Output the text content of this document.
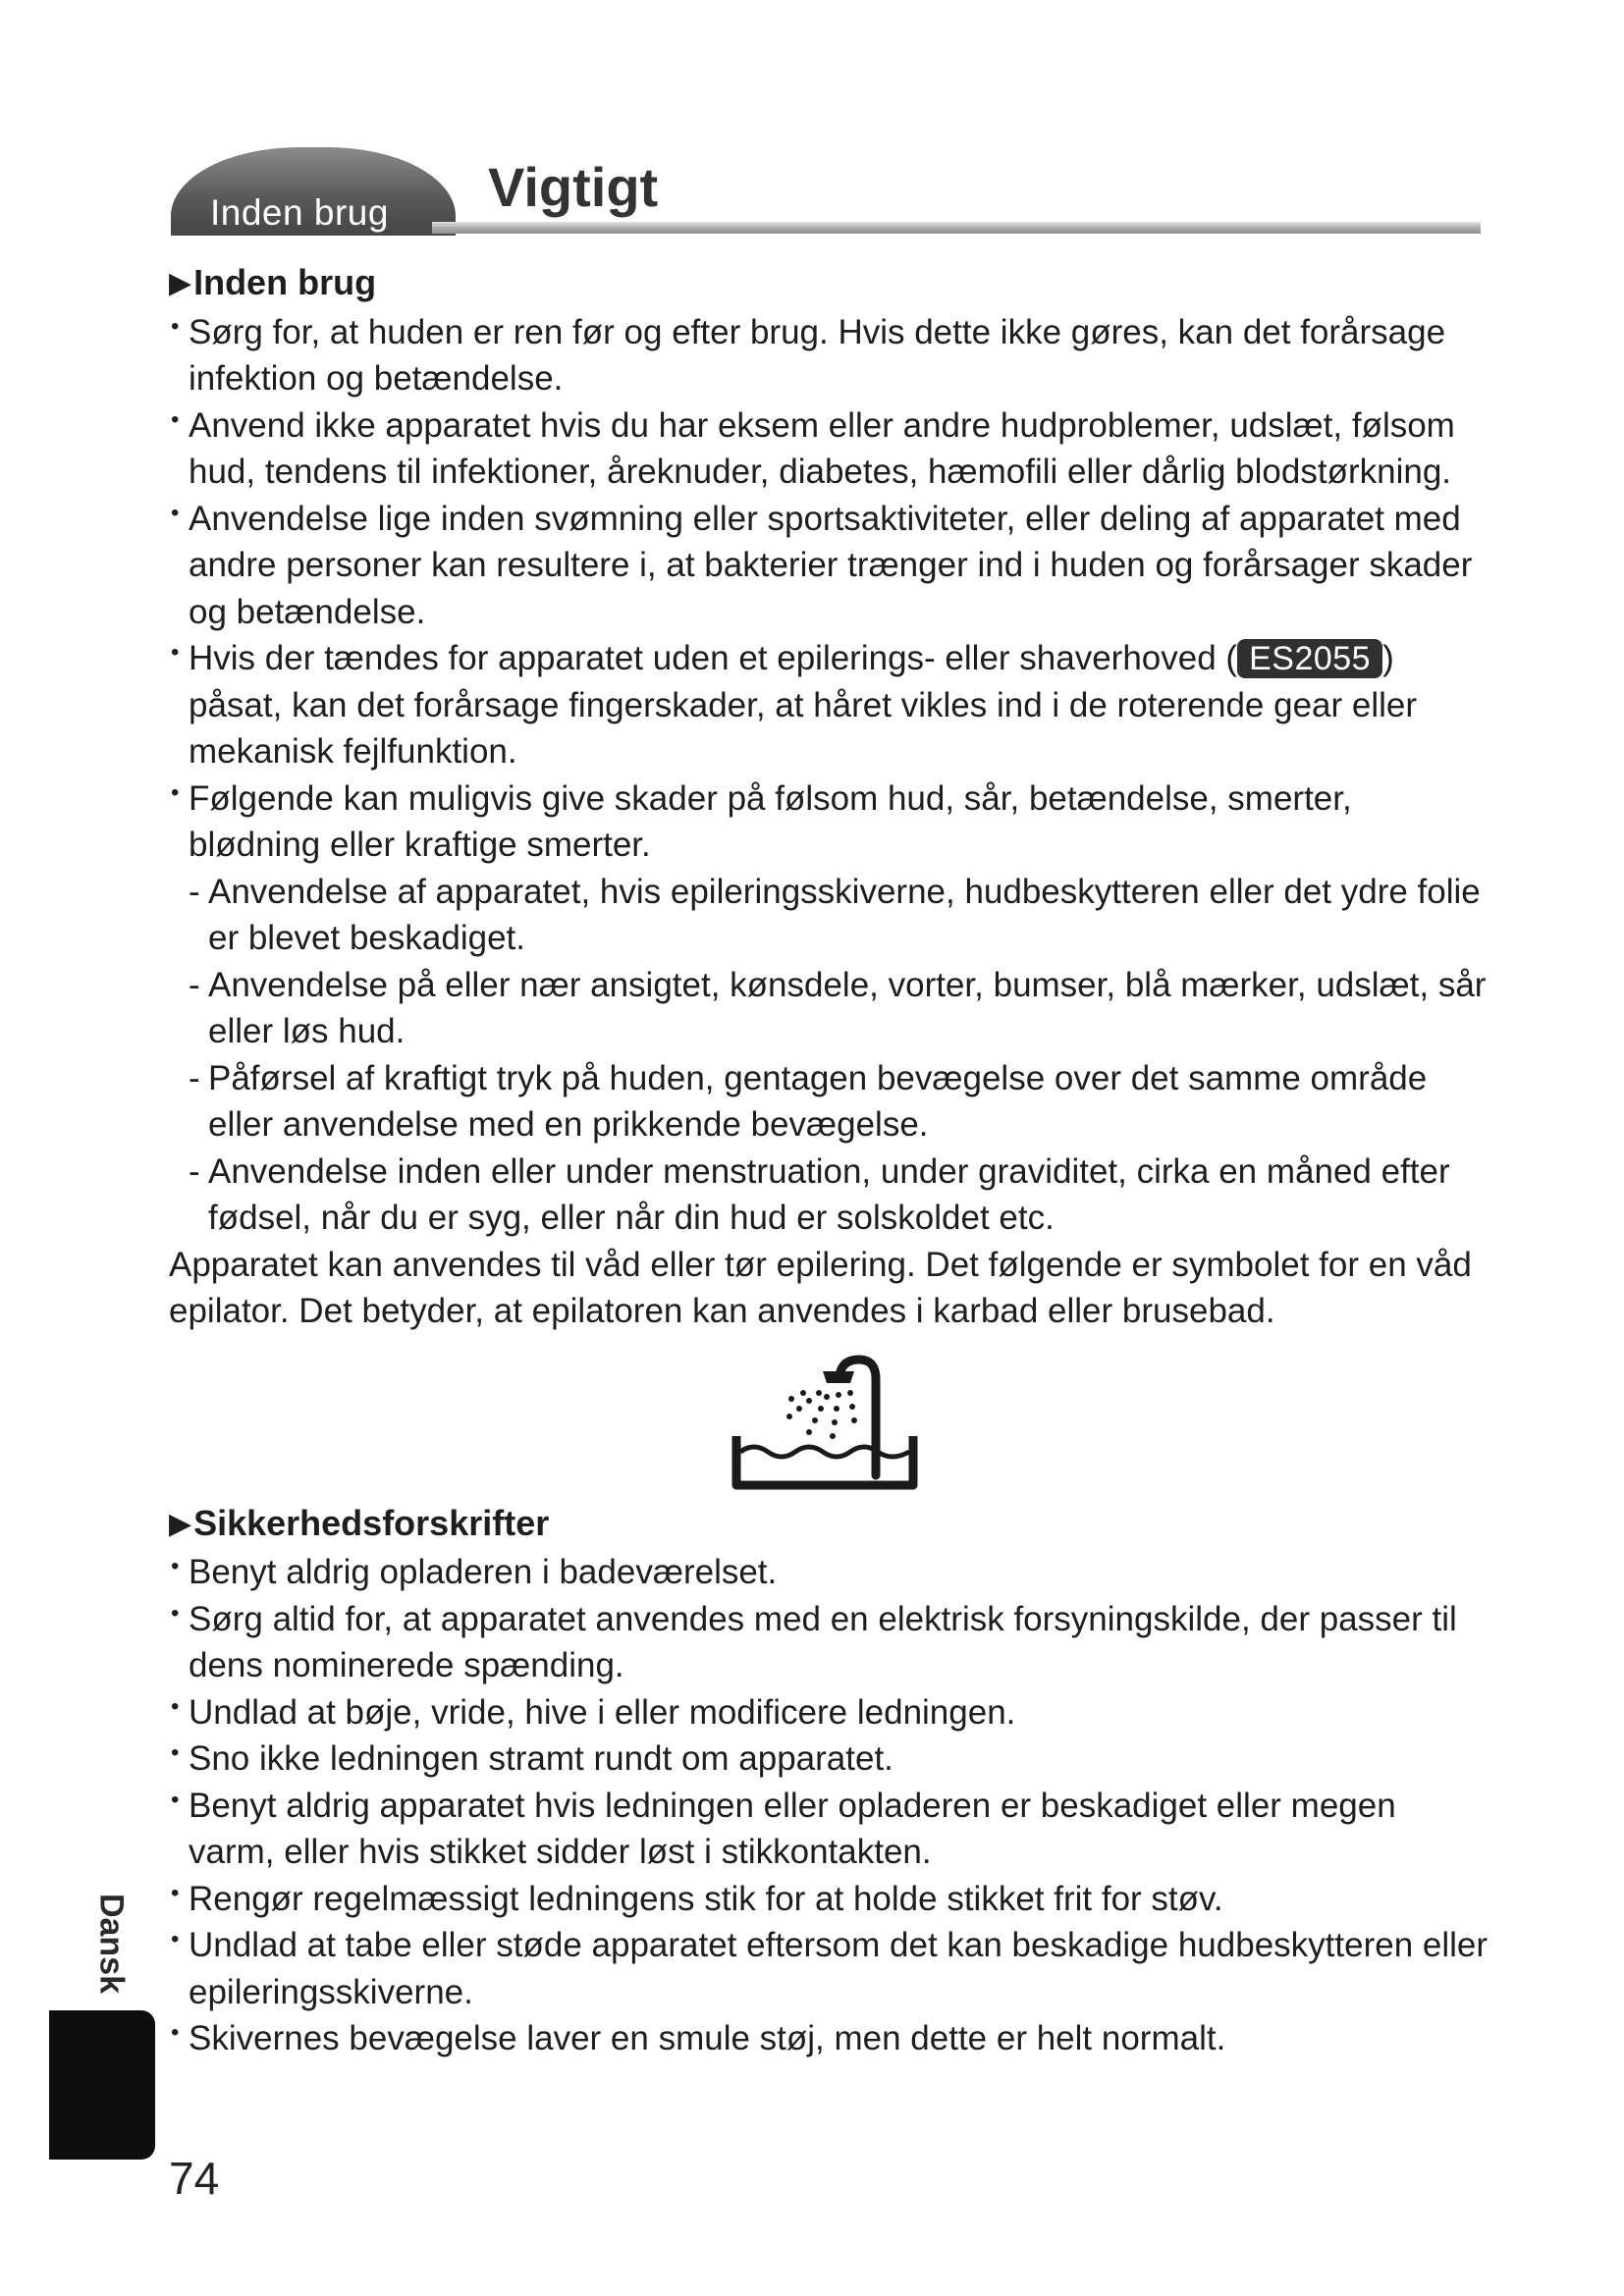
Inden brug Vigtigt
▶Inden brug
• Sørg for, at huden er ren før og efter brug. Hvis dette ikke gøres, kan det forårsage infektion og betændelse.
• Anvend ikke apparatet hvis du har eksem eller andre hudproblemer, udslæt, følsom hud, tendens til infektioner, åreknuder, diabetes, hæmofili eller dårlig blodstørkning.
• Anvendelse lige inden svømning eller sportsaktiviteter, eller deling af apparatet med andre personer kan resultere i, at bakterier trænger ind i huden og forårsager skader og betændelse.
• Hvis der tændes for apparatet uden et epilerings- eller shaverhoved ( ES2055 ) påsat, kan det forårsage fingerskader, at håret vikles ind i de roterende gear eller mekanisk fejlfunktion.
• Følgende kan muligvis give skader på følsom hud, sår, betændelse, smerter, blødning eller kraftige smerter.
- Anvendelse af apparatet, hvis epileringsskiverne, hudbeskytteren eller det ydre folie er blevet beskadiget.
- Anvendelse på eller nær ansigtet, kønsdele, vorter, bumser, blå mærker, udslæt, sår eller løs hud.
- Påførsel af kraftigt tryk på huden, gentagen bevægelse over det samme område eller anvendelse med en prikkende bevægelse.
- Anvendelse inden eller under menstruation, under graviditet, cirka en måned efter fødsel, når du er syg, eller når din hud er solskoldet etc.
Apparatet kan anvendes til våd eller tør epilering. Det følgende er symbolet for en våd epilator. Det betyder, at epilatoren kan anvendes i karbad eller brusebad.
▶Sikkerhedsforskrifter
• Benyt aldrig opladeren i badeværelset.
• Sørg altid for, at apparatet anvendes med en elektrisk forsyningskilde, der passer til dens nominerede spænding.
• Undlad at bøje, vride, hive i eller modificere ledningen.
• Sno ikke ledningen stramt rundt om apparatet.
• Benyt aldrig apparatet hvis ledningen eller opladeren er beskadiget eller megen varm, eller hvis stikket sidder løst i stikkontakten.
• Rengør regelmæssigt ledningens stik for at holde stikket frit for støv.
• Undlad at tabe eller støde apparatet eftersom det kan beskadige hudbeskytteren eller epileringsskiverne.
• Skivernes bevægelse laver en smule støj, men dette er helt normalt.
Dansk
74
